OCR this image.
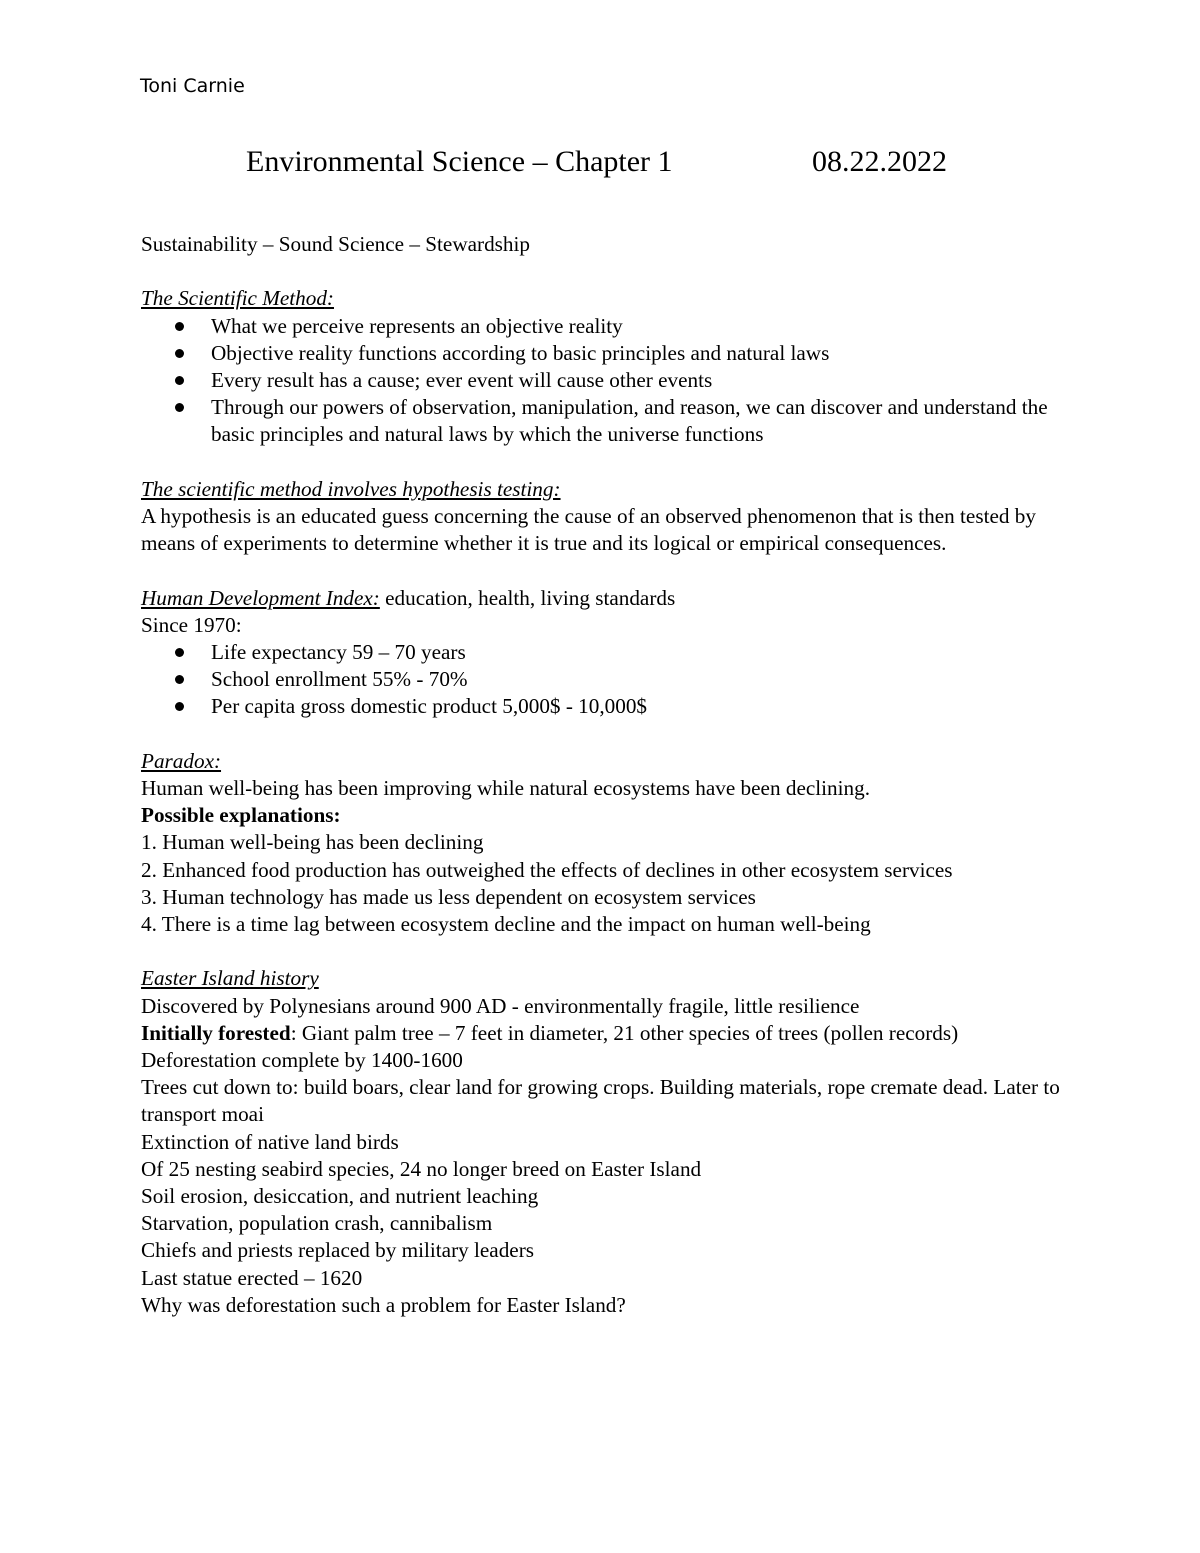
Toni Carnie
Environmental Science – Chapter 1	08.22.2022
Sustainability – Sound Science – Stewardship
The Scientific Method:
What we perceive represents an objective reality
Objective reality functions according to basic principles and natural laws
Every result has a cause; ever event will cause other events
Through our powers of observation, manipulation, and reason, we can discover and understand the basic principles and natural laws by which the universe functions
The scientific method involves hypothesis testing:
A hypothesis is an educated guess concerning the cause of an observed phenomenon that is then tested by means of experiments to determine whether it is true and its logical or empirical consequences.
Human Development Index: education, health, living standards
Since 1970:
Life expectancy 59 – 70 years
School enrollment 55% - 70%
Per capita gross domestic product 5,000$ - 10,000$
Paradox:
Human well-being has been improving while natural ecosystems have been declining.
Possible explanations:
1. Human well-being has been declining
2. Enhanced food production has outweighed the effects of declines in other ecosystem services
3. Human technology has made us less dependent on ecosystem services
4. There is a time lag between ecosystem decline and the impact on human well-being
Easter Island history
Discovered by Polynesians around 900 AD - environmentally fragile, little resilience
Initially forested: Giant palm tree – 7 feet in diameter, 21 other species of trees (pollen records)
Deforestation complete by 1400-1600
Trees cut down to: build boars, clear land for growing crops. Building materials, rope cremate dead. Later to transport moai
Extinction of native land birds
Of 25 nesting seabird species, 24 no longer breed on Easter Island
Soil erosion, desiccation, and nutrient leaching
Starvation, population crash, cannibalism
Chiefs and priests replaced by military leaders
Last statue erected – 1620
Why was deforestation such a problem for Easter Island?
